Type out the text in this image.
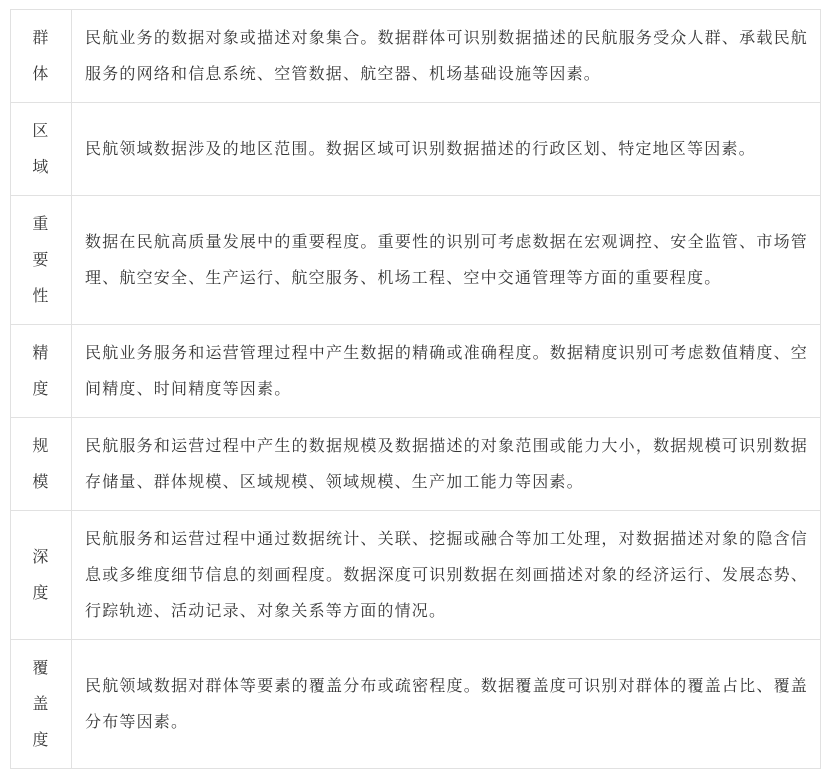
群
体	民航业务的数据对象或描述对象集合。数据群体可识别数据描述的民航服务受众人群、承载民航服务的网络和信息系统、空管数据、航空器、机场基础设施等因素。

区
域	民航领域数据涉及的地区范围。数据区域可识别数据描述的行政区划、特定地区等因素。

重
要
性	数据在民航高质量发展中的重要程度。重要性的识别可考虑数据在宏观调控、安全监管、市场管理、航空安全、生产运行、航空服务、机场工程、空中交通管理等方面的重要程度。

精
度	民航业务服务和运营管理过程中产生数据的精确或准确程度。数据精度识别可考虑数值精度、空间精度、时间精度等因素。

规
模	民航服务和运营过程中产生的数据规模及数据描述的对象范围或能力大小，数据规模可识别数据存储量、群体规模、区域规模、领域规模、生产加工能力等因素。

深
度	民航服务和运营过程中通过数据统计、关联、挖掘或融合等加工处理，对数据描述对象的隐含信息或多维度细节信息的刻画程度。数据深度可识别数据在刻画描述对象的经济运行、发展态势、行踪轨迹、活动记录、对象关系等方面的情况。

覆
盖
度	民航领域数据对群体等要素的覆盖分布或疏密程度。数据覆盖度可识别对群体的覆盖占比、覆盖分布等因素。
